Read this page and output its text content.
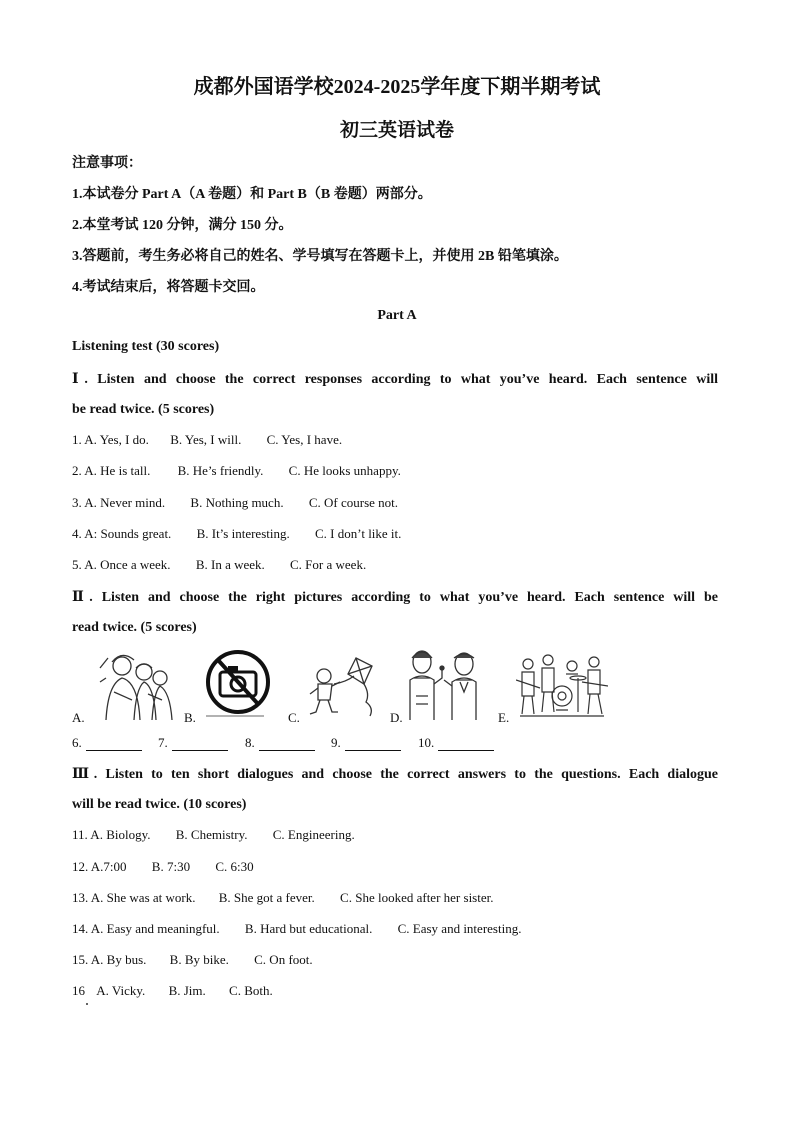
成都外国语学校2024-2025学年度下期半期考试
初三英语试卷
注意事项：
1.本试卷分 Part A（A 卷题）和 Part B（B 卷题）两部分。
2.本堂考试 120 分钟，满分 150 分。
3.答题前，考生务必将自己的姓名、学号填写在答题卡上，并使用 2B 铅笔填涂。
4.考试结束后，将答题卡交回。
Part A
Listening test (30 scores)
Ⅰ. Listen and choose the correct responses according to what you’ve heard. Each sentence will
be read twice. (5 scores)
1. A. Yes, I do. B. Yes, I will. C. Yes, I have.
2. A. He is tall. B. He’s friendly. C. He looks unhappy.
3. A. Never mind. B. Nothing much. C. Of course not.
4. A: Sounds great. B. It’s interesting. C. I don’t like it.
5. A. Once a week. B. In a week. C. For a week.
Ⅱ. Listen and choose the right pictures according to what you’ve heard. Each sentence will be
read twice. (5 scores)
A.	B.	C.	D.	E.
6.	7.	8.	9.	10.
Ⅲ. Listen to ten short dialogues and choose the correct answers to the questions. Each dialogue
will be read twice. (10 scores)
11. A. Biology. B. Chemistry. C. Engineering.
12. A.7:00 B. 7:30 C. 6:30
13. A. She was at work. B. She got a fever. C. She looked after her sister.
14. A. Easy and meaningful. B. Hard but educational. C. Easy and interesting.
15. A. By bus. B. By bike. C. On foot.
16 A. Vicky. B. Jim. C. Both.
